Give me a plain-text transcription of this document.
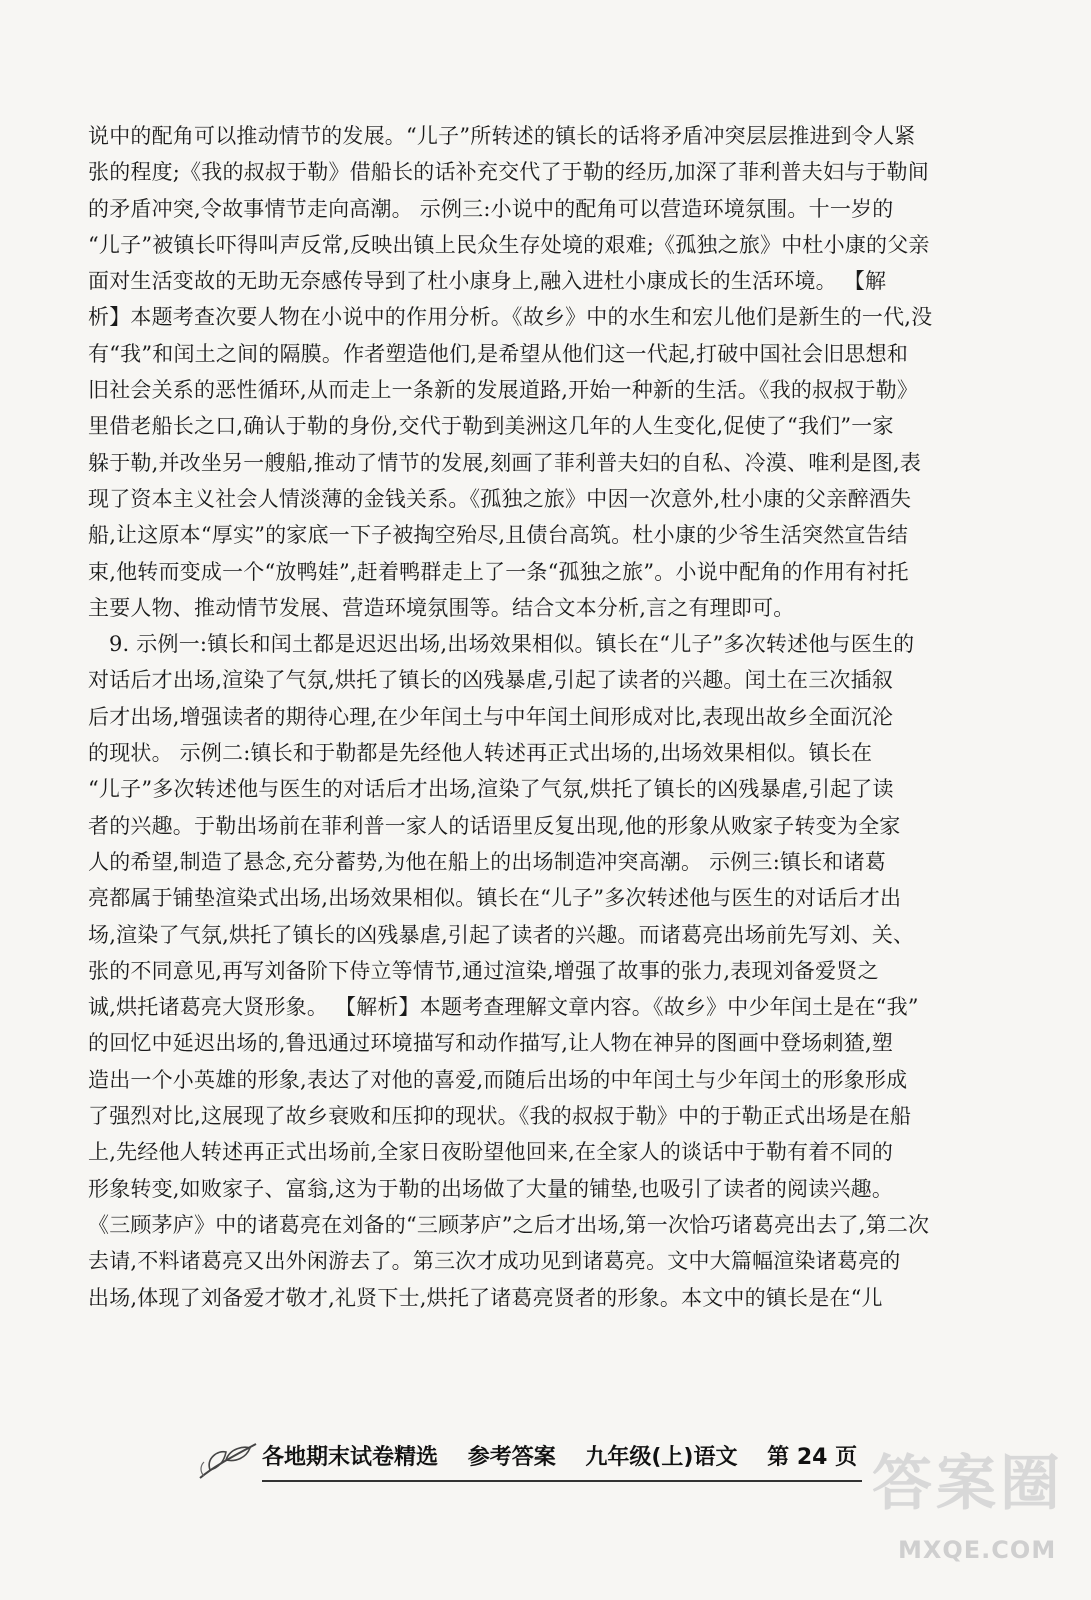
说中的配角可以推动情节的发展。“儿子”所转述的镇长的话将矛盾冲突层层推进到令人紧
张的程度;《我的叔叔于勒》借船长的话补充交代了于勒的经历,加深了菲利普夫妇与于勒间
的矛盾冲突,令故事情节走向高潮。 示例三:小说中的配角可以营造环境氛围。十一岁的
“儿子”被镇长吓得叫声反常,反映出镇上民众生存处境的艰难;《孤独之旅》中杜小康的父亲
面对生活变故的无助无奈感传导到了杜小康身上,融入进杜小康成长的生活环境。 【解
析】本题考查次要人物在小说中的作用分析。《故乡》中的水生和宏儿他们是新生的一代,没
有“我”和闰土之间的隔膜。作者塑造他们,是希望从他们这一代起,打破中国社会旧思想和
旧社会关系的恶性循环,从而走上一条新的发展道路,开始一种新的生活。《我的叔叔于勒》
里借老船长之口,确认于勒的身份,交代于勒到美洲这几年的人生变化,促使了“我们”一家
躲于勒,并改坐另一艘船,推动了情节的发展,刻画了菲利普夫妇的自私、冷漠、唯利是图,表
现了资本主义社会人情淡薄的金钱关系。《孤独之旅》中因一次意外,杜小康的父亲醉酒失
船,让这原本“厚实”的家底一下子被掏空殆尽,且债台高筑。杜小康的少爷生活突然宣告结
束,他转而变成一个“放鸭娃”,赶着鸭群走上了一条“孤独之旅”。小说中配角的作用有衬托
主要人物、推动情节发展、营造环境氛围等。结合文本分析,言之有理即可。
9. 示例一:镇长和闰土都是迟迟出场,出场效果相似。镇长在“儿子”多次转述他与医生的
对话后才出场,渲染了气氛,烘托了镇长的凶残暴虐,引起了读者的兴趣。闰土在三次插叙
后才出场,增强读者的期待心理,在少年闰土与中年闰土间形成对比,表现出故乡全面沉沦
的现状。 示例二:镇长和于勒都是先经他人转述再正式出场的,出场效果相似。镇长在
“儿子”多次转述他与医生的对话后才出场,渲染了气氛,烘托了镇长的凶残暴虐,引起了读
者的兴趣。于勒出场前在菲利普一家人的话语里反复出现,他的形象从败家子转变为全家
人的希望,制造了悬念,充分蓄势,为他在船上的出场制造冲突高潮。 示例三:镇长和诸葛
亮都属于铺垫渲染式出场,出场效果相似。镇长在“儿子”多次转述他与医生的对话后才出
场,渲染了气氛,烘托了镇长的凶残暴虐,引起了读者的兴趣。而诸葛亮出场前先写刘、关、
张的不同意见,再写刘备阶下侍立等情节,通过渲染,增强了故事的张力,表现刘备爱贤之
诚,烘托诸葛亮大贤形象。 【解析】本题考查理解文章内容。《故乡》中少年闰土是在“我”
的回忆中延迟出场的,鲁迅通过环境描写和动作描写,让人物在神异的图画中登场刺猹,塑
造出一个小英雄的形象,表达了对他的喜爱,而随后出场的中年闰土与少年闰土的形象形成
了强烈对比,这展现了故乡衰败和压抑的现状。《我的叔叔于勒》中的于勒正式出场是在船
上,先经他人转述再正式出场前,全家日夜盼望他回来,在全家人的谈话中于勒有着不同的
形象转变,如败家子、富翁,这为于勒的出场做了大量的铺垫,也吸引了读者的阅读兴趣。
《三顾茅庐》中的诸葛亮在刘备的“三顾茅庐”之后才出场,第一次恰巧诸葛亮出去了,第二次
去请,不料诸葛亮又出外闲游去了。第三次才成功见到诸葛亮。文中大篇幅渲染诸葛亮的
出场,体现了刘备爱才敬才,礼贤下士,烘托了诸葛亮贤者的形象。本文中的镇长是在“儿
各地期末试卷精选 参考答案 九年级(上)语文 第 24 页 答案圈
MXQE.COM
